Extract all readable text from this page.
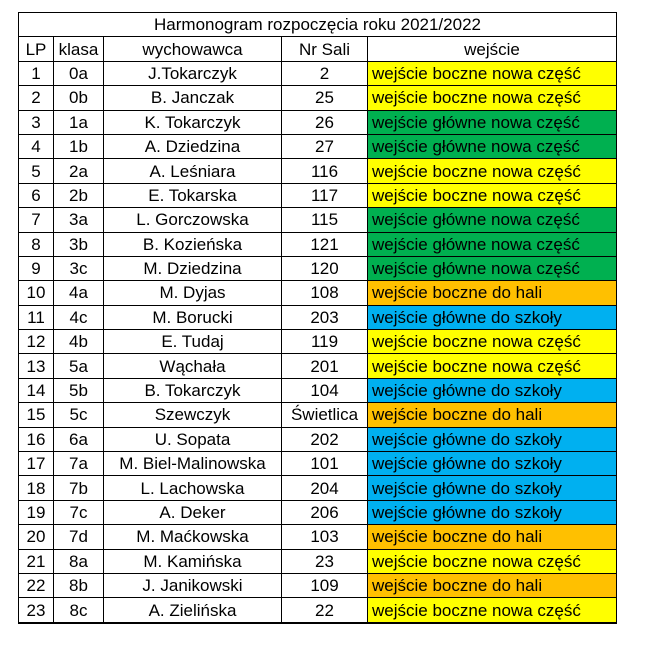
Harmonogram rozpoczęcia roku 2021/2022				
LP	klasa	wychowawca	Nr Sali	wejście
1	0a	J.Tokarczyk	2	wejście boczne nowa część
2	0b	B. Janczak	25	wejście boczne nowa część
3	1a	K. Tokarczyk	26	wejście główne nowa część
4	1b	A. Dziedzina	27	wejście główne nowa część
5	2a	A. Leśniara	116	wejście boczne nowa część
6	2b	E. Tokarska	117	wejście boczne nowa część
7	3a	L. Gorczowska	115	wejście główne nowa część
8	3b	B. Kozieńska	121	wejście główne nowa część
9	3c	M. Dziedzina	120	wejście główne nowa część
10	4a	M. Dyjas	108	wejście boczne do hali
11	4c	M. Borucki	203	wejście główne do szkoły
12	4b	E. Tudaj	119	wejście boczne nowa część
13	5a	Wąchała	201	wejście boczne nowa część
14	5b	B. Tokarczyk	104	wejście główne do szkoły
15	5c	Szewczyk	Świetlica	wejście boczne do hali
16	6a	U. Sopata	202	wejście główne do szkoły
17	7a	M. Biel-Malinowska	101	wejście główne do szkoły
18	7b	L. Lachowska	204	wejście główne do szkoły
19	7c	A. Deker	206	wejście główne do szkoły
20	7d	M. Maćkowska	103	wejście boczne do hali
21	8a	M. Kamińska	23	wejście boczne nowa część
22	8b	J. Janikowski	109	wejście boczne do hali
23	8c	A. Zielińska	22	wejście boczne nowa część
